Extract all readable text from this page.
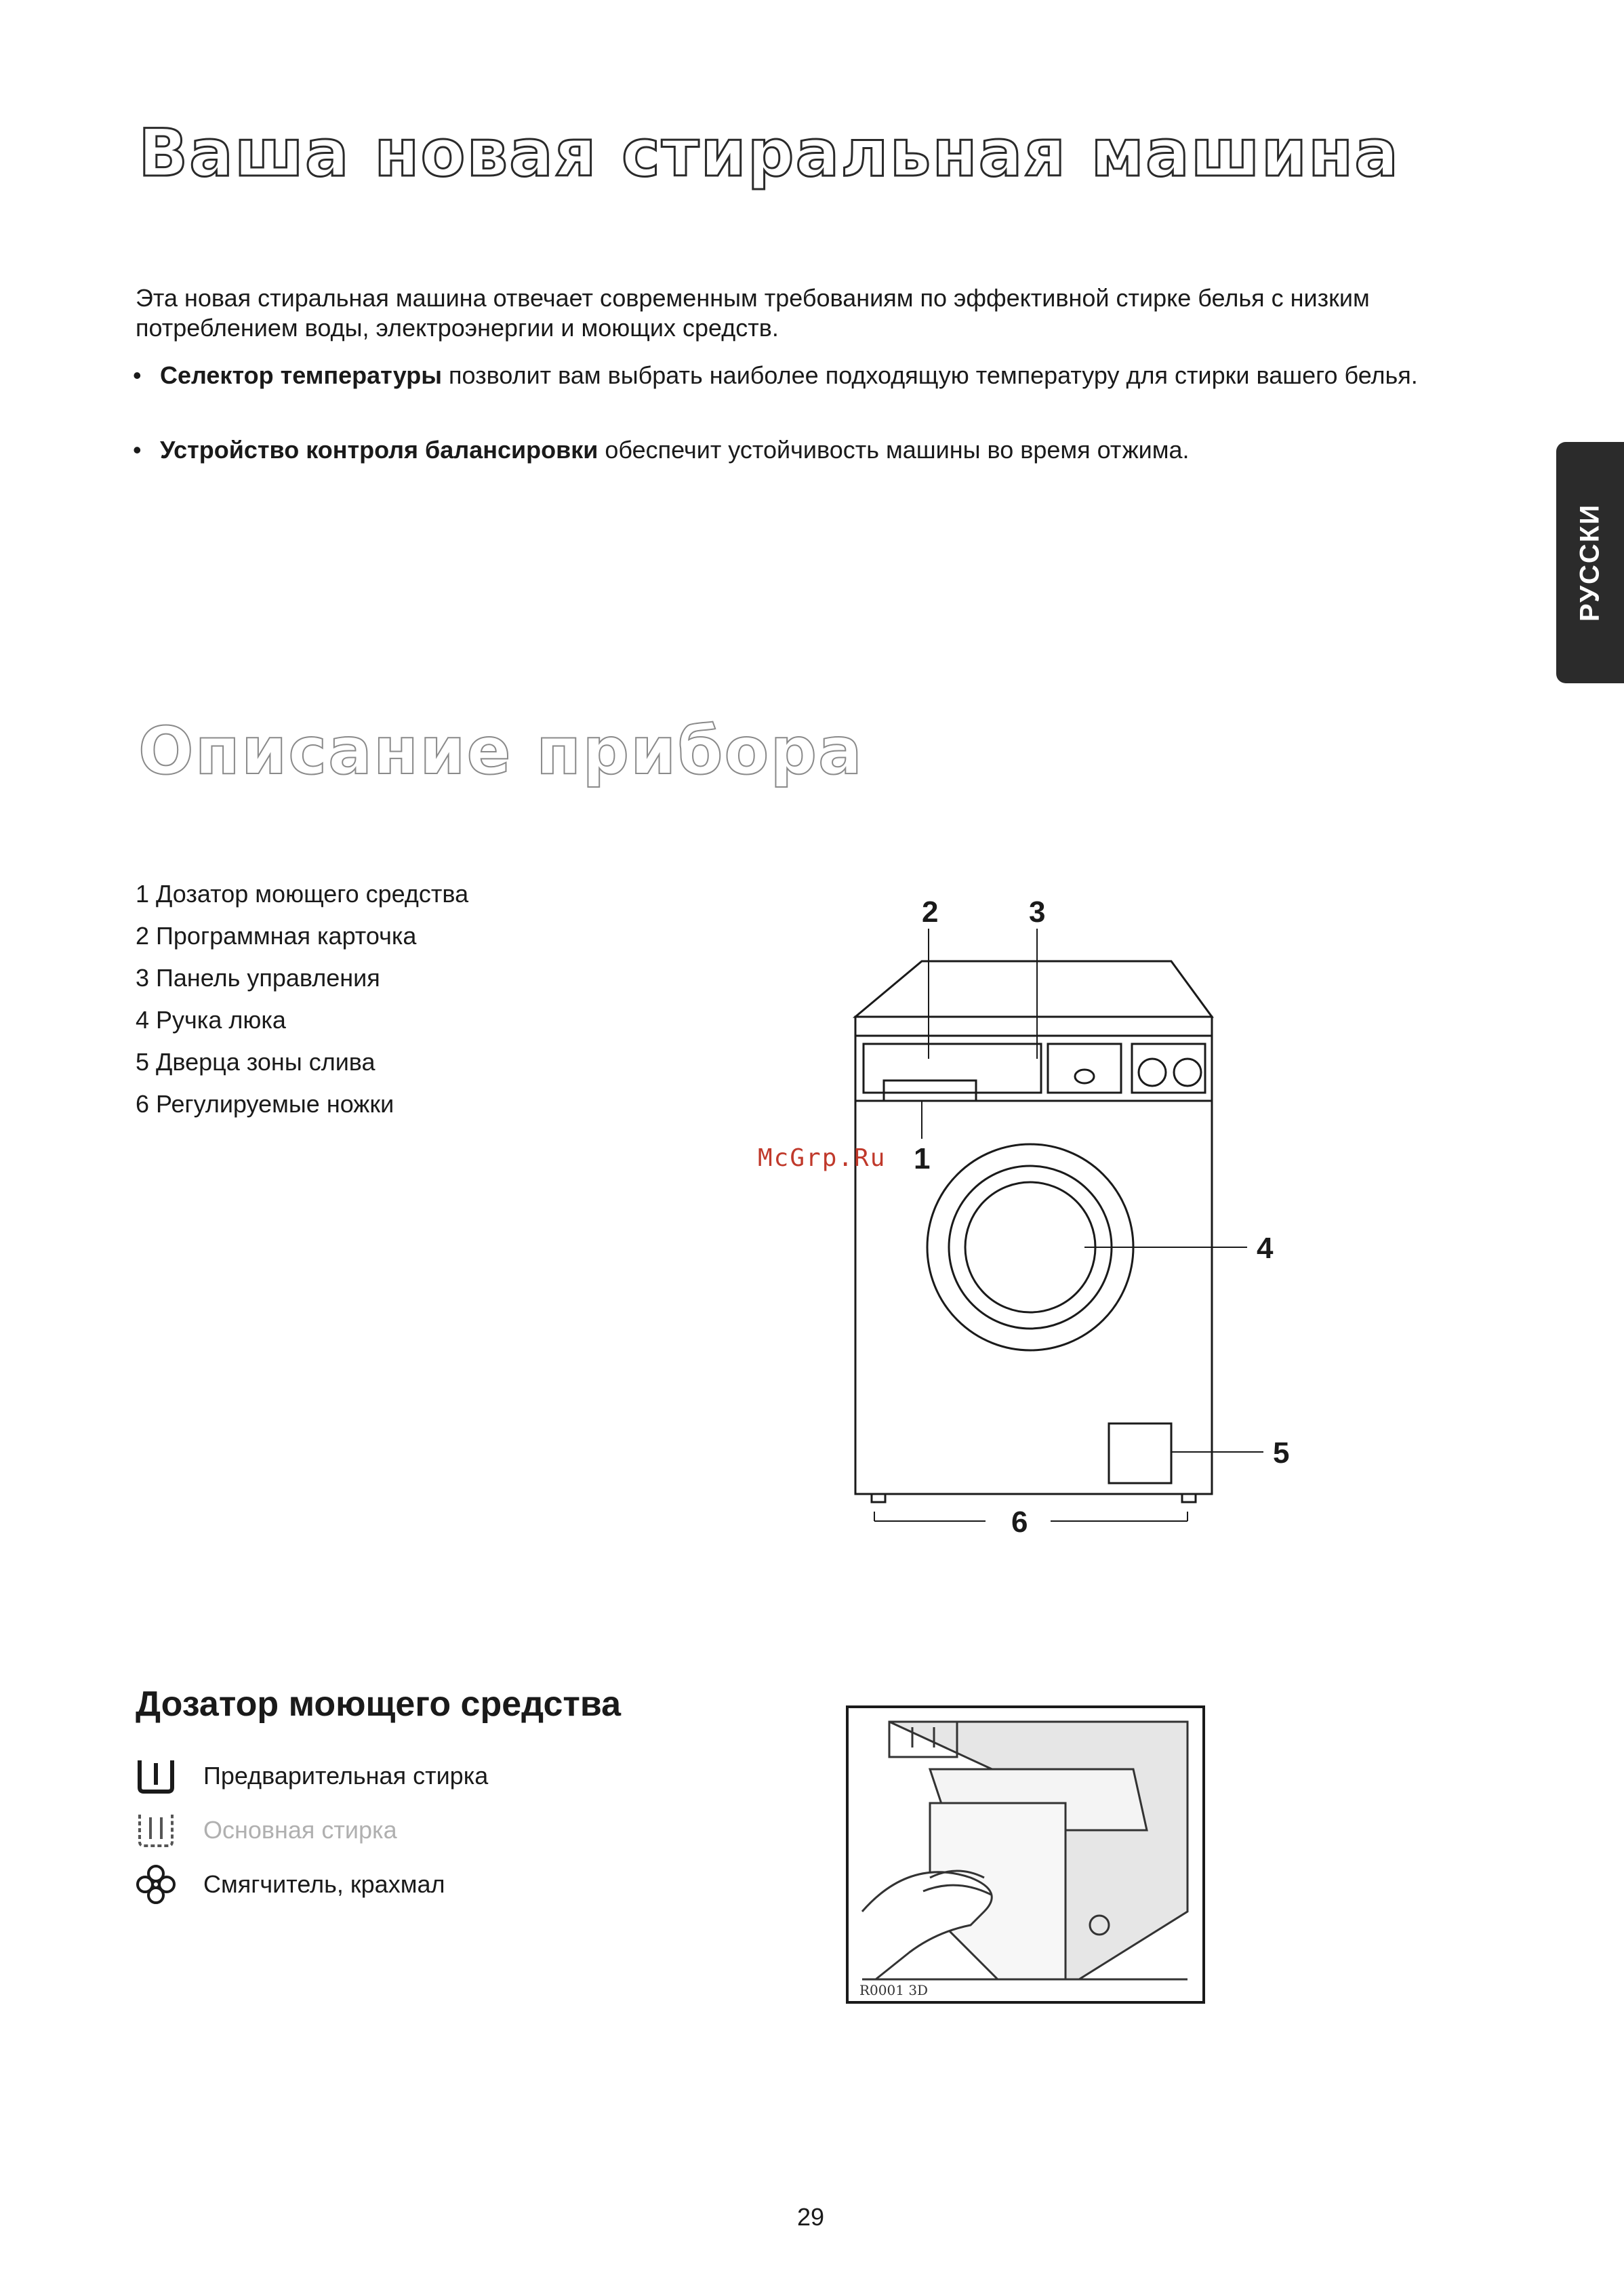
Ваша новая стиральная машина
Эта новая стиральная машина отвечает современным требованиям по эффективной стирке белья с низким потреблением воды, электроэнергии и моющих средств.
• Селектор температуры позволит вам выбрать наиболее подходящую температуру для стирки вашего белья.
• Устройство контроля балансировки обеспечит устойчивость машины во время отжима.
РУССКИ
Описание прибора
1 Дозатор моющего средства
2 Программная карточка
3 Панель управления
4 Ручка люка
5 Дверца зоны слива
6 Регулируемые ножки
2	3
1
4
5
6
McGrp.Ru
Дозатор моющего средства
Предварительная стирка
Основная стирка
Смягчитель, крахмал
R0001 3D
29
